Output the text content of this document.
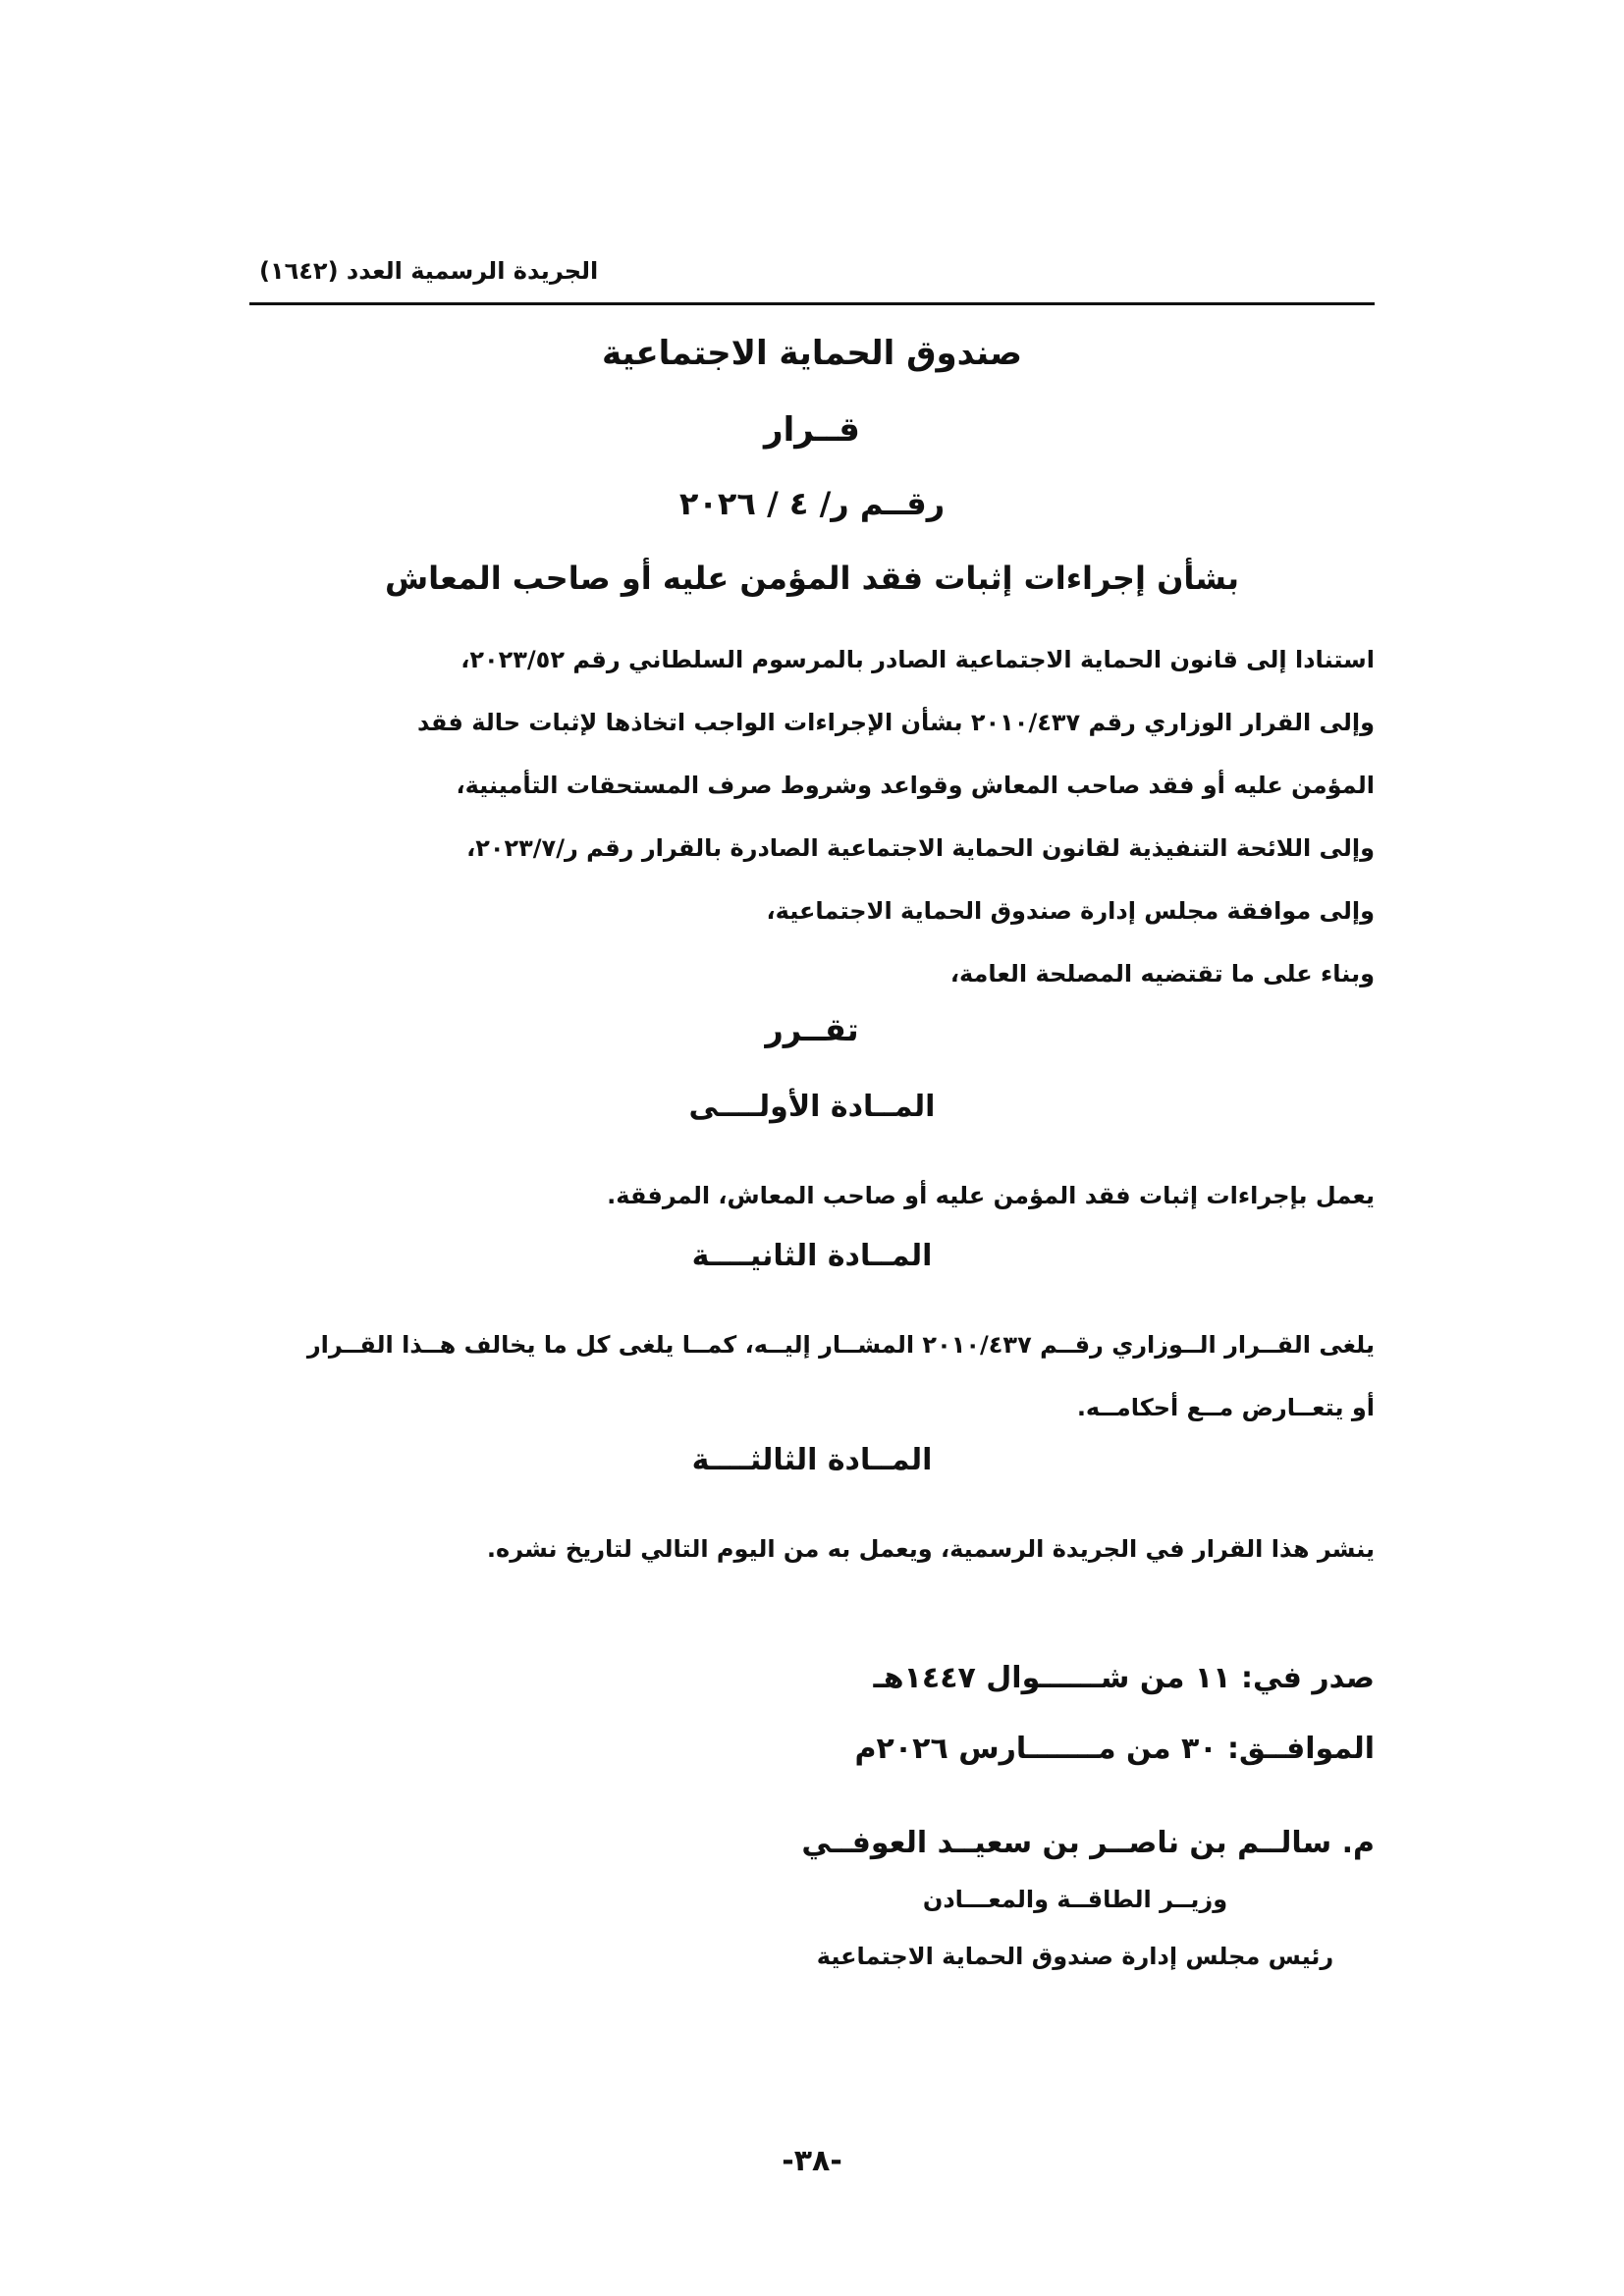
الجريدة الرسمية العدد (١٦٤٢)
صندوق الحماية الاجتماعية
قــرار
رقــم ر/ ٤ / ٢٠٢٦
بشأن إجراءات إثبات فقد المؤمن عليه أو صاحب المعاش

استنادا إلى قانون الحماية الاجتماعية الصادر بالمرسوم السلطاني رقم ٢٠٢٣/٥٢،

وإلى القرار الوزاري رقم ٢٠١٠/٤٣٧ بشأن الإجراءات الواجب اتخاذها لإثبات حالة فقد

المؤمن عليه أو فقد صاحب المعاش وقواعد وشروط صرف المستحقات التأمينية،

وإلى اللائحة التنفيذية لقانون الحماية الاجتماعية الصادرة بالقرار رقم ر/٢٠٢٣/٧،

وإلى موافقة مجلس إدارة صندوق الحماية الاجتماعية،

وبناء على ما تقتضيه المصلحة العامة،

تقــرر
المــادة الأولــــى

يعمل بإجراءات إثبات فقد المؤمن عليه أو صاحب المعاش، المرفقة.

المــادة الثانيــــة

يلغى القــرار الــوزاري رقــم ٢٠١٠/٤٣٧ المشــار إليــه، كمــا يلغى كل ما يخالف هــذا القــرار

أو يتعــارض مــع أحكامــه.

المــادة الثالثــــة

ينشر هذا القرار في الجريدة الرسمية، ويعمل به من اليوم التالي لتاريخ نشره.

صدر في: ١١ من شــــــوال ١٤٤٧هـ
الموافــق: ٣٠ من مـــــــارس ٢٠٢٦م
م. سالــم بن ناصــر بن سعيــد العوفــي
وزيــر الطاقــة والمعـــادن
رئيس مجلس إدارة صندوق الحماية الاجتماعية
-٣٨-
